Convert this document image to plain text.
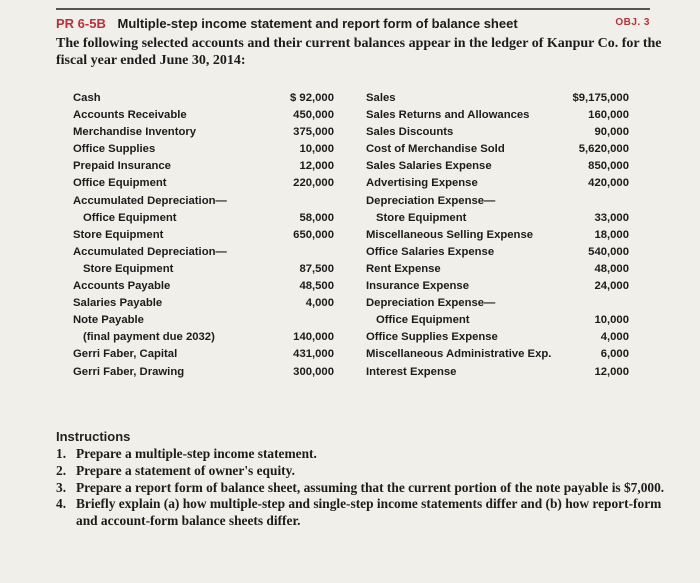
PR 6-5B Multiple-step income statement and report form of balance sheet	OBJ. 3
The following selected accounts and their current balances appear in the ledger of Kanpur Co. for the fiscal year ended June 30, 2014:
Cash
Accounts Receivable
Merchandise Inventory
Office Supplies
Prepaid Insurance
Office Equipment
Accumulated Depreciation—
Office Equipment
Store Equipment
Accumulated Depreciation—
Store Equipment
Accounts Payable
Salaries Payable
Note Payable
(final payment due 2032)
Gerri Faber, Capital
Gerri Faber, Drawing
$ 92,000
450,000
375,000
10,000
12,000
220,000
58,000
650,000
87,500
48,500
4,000
140,000
431,000
300,000
Sales
Sales Returns and Allowances
Sales Discounts
Cost of Merchandise Sold
Sales Salaries Expense
Advertising Expense
Depreciation Expense—
Store Equipment
Miscellaneous Selling Expense
Office Salaries Expense
Rent Expense
Insurance Expense
Depreciation Expense—
Office Equipment
Office Supplies Expense
Miscellaneous Administrative Exp.
Interest Expense
$9,175,000
160,000
90,000
5,620,000
850,000
420,000
33,000
18,000
540,000
48,000
24,000
10,000
4,000
6,000
12,000
Instructions
1. Prepare a multiple-step income statement.
2. Prepare a statement of owner's equity.
3. Prepare a report form of balance sheet, assuming that the current portion of the note payable is $7,000.
4. Briefly explain (a) how multiple-step and single-step income statements differ and (b) how report-form and account-form balance sheets differ.
